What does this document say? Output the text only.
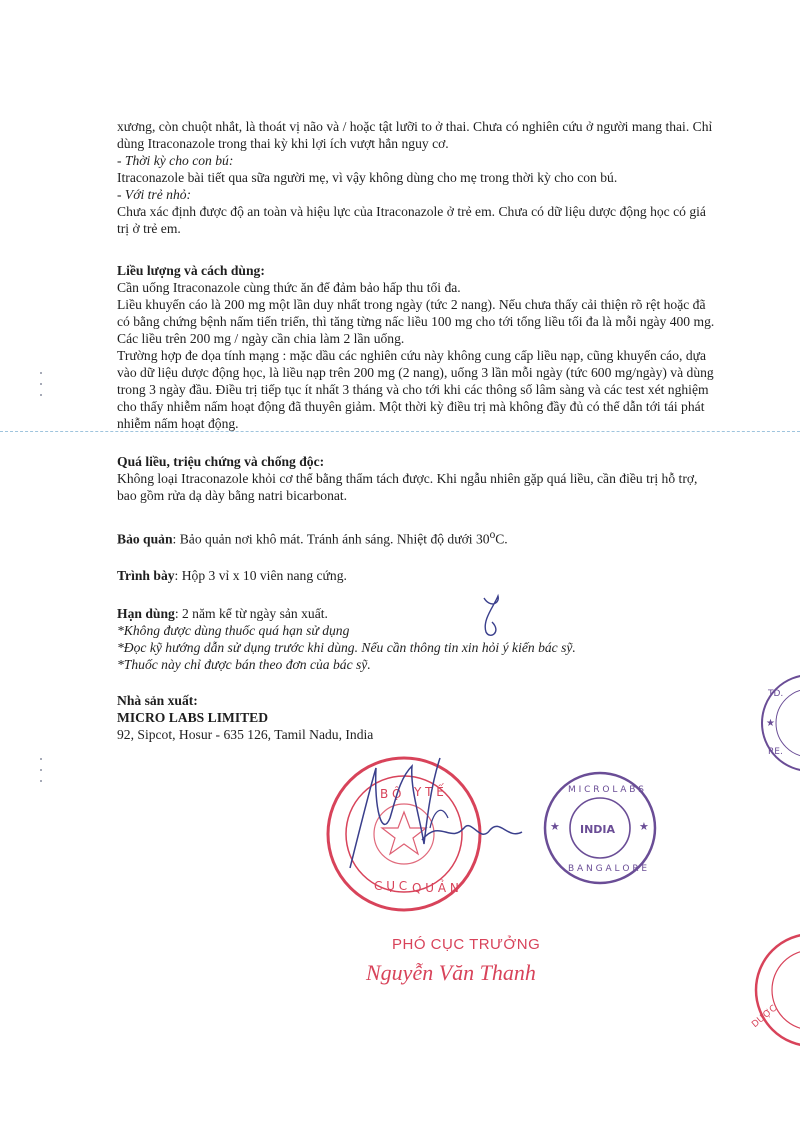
xương, còn chuột nhắt, là thoát vị não và / hoặc tật lưỡi to ở thai. Chưa có nghiên cứu ở người mang thai. Chỉ dùng Itraconazole trong thai kỳ khi lợi ích vượt hẳn nguy cơ.

- Thời kỳ cho con bú:

Itraconazole bài tiết qua sữa người mẹ, vì vậy không dùng cho mẹ trong thời kỳ cho con bú.

- Với trẻ nhỏ:

Chưa xác định được độ an toàn và hiệu lực của Itraconazole ở trẻ em. Chưa có dữ liệu dược động học có giá trị ở trẻ em.

Liều lượng và cách dùng:

Cần uống Itraconazole cùng thức ăn để đảm bảo hấp thu tối đa.

Liều khuyến cáo là 200 mg một lần duy nhất trong ngày (tức 2 nang). Nếu chưa thấy cải thiện rõ rệt hoặc đã có bằng chứng bệnh nấm tiến triển, thì tăng từng nấc liều 100 mg cho tới tổng liều tối đa là mỗi ngày 400 mg. Các liều trên 200 mg / ngày cần chia làm 2 lần uống.

Trường hợp đe dọa tính mạng : mặc dầu các nghiên cứu này không cung cấp liều nạp, cũng khuyến cáo, dựa vào dữ liệu dược động học, là liều nạp trên 200 mg (2 nang), uống 3 lần mỗi ngày (tức 600 mg/ngày) và dùng trong 3 ngày đầu. Điều trị tiếp tục ít nhất 3 tháng và cho tới khi các thông số lâm sàng và các test xét nghiệm cho thấy nhiễm nấm hoạt động đã thuyên giảm. Một thời kỳ điều trị mà không đầy đủ có thể dẫn tới tái phát nhiễm nấm hoạt động.

Quá liều, triệu chứng và chống độc:

Không loại Itraconazole khỏi cơ thể bằng thẩm tách được. Khi ngẫu nhiên gặp quá liều, cần điều trị hỗ trợ, bao gồm rửa dạ dày bằng natri bicarbonat.

Bảo quản: Bảo quản nơi khô mát. Tránh ánh sáng. Nhiệt độ dưới 30$^o$C.

Trình bày: Hộp 3 vỉ x 10 viên nang cứng.

Hạn dùng: 2 năm kể từ ngày sản xuất.

*Không được dùng thuốc quá hạn sử dụng

*Đọc kỹ hướng dẫn sử dụng trước khi dùng. Nếu cần thông tin xin hỏi ý kiến bác sỹ.

*Thuốc này chỉ được bán theo đơn của bác sỹ.

Nhà sản xuất:

MICRO LABS LIMITED

92, Sipcot, Hosur - 635 126, Tamil Nadu, India

B Ộ Y T Ế
C Ụ C Q U Ả N
INDIA
M I C R O L A B S
B A N G A L O R E
★	★
TD.
★
RE.
DƯỢC
PHÓ CỤC TRƯỞNG
Nguyễn Văn Thanh
